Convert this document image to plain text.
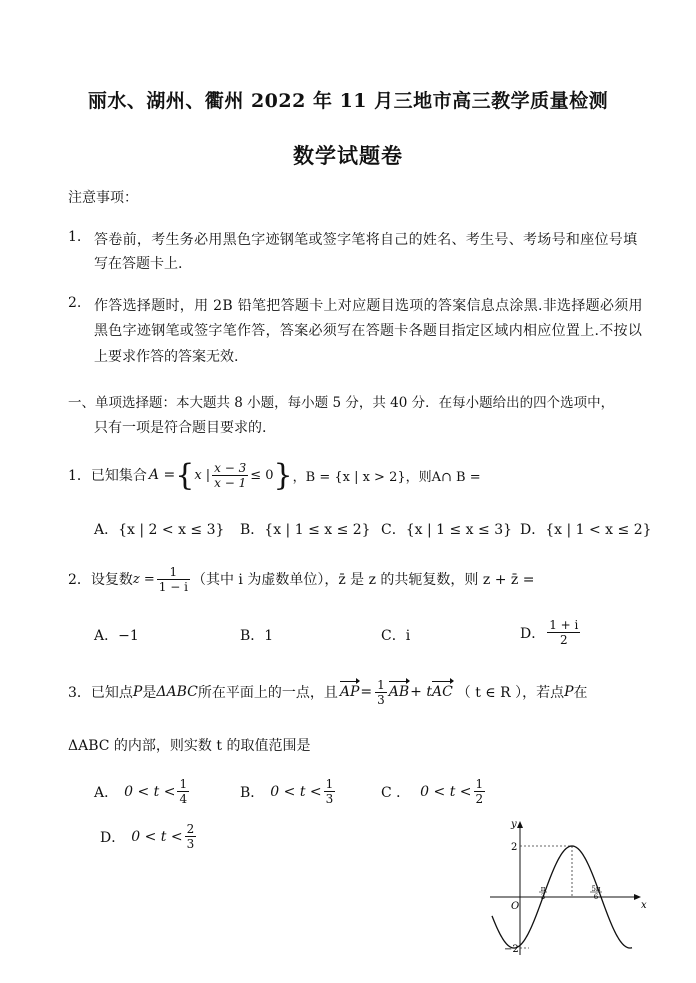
丽水、湖州、衢州 2022 年 11 月三地市高三教学质量检测
数学试题卷
注意事项：
1. 答卷前，考生务必用黑色字迹钢笔或签字笔将自己的姓名、考生号、考场号和座位号填
写在答题卡上.
2. 作答选择题时，用 2B 铅笔把答题卡上对应题目选项的答案信息点涂黑.非选择题必须用
黑色字迹钢笔或签字笔作答，答案必须写在答题卡各题目指定区域内相应位置上.不按以
上要求作答的答案无效.
一、单项选择题：本大题共 8 小题，每小题 5 分，共 40 分．在每小题给出的四个选项中，
只有一项是符合题目要求的.
1．已知集合 A = { x | $\frac{x - 3}{x - 1} \le 0$ } ，B = {x | x > 2}，则A∩ B =
A．{x | 2 < x ≤ 3} B．{x | 1 ≤ x ≤ 2} C．{x | 1 ≤ x ≤ 3} D．{x | 1 < x ≤ 2}
2．设复数 $z = \frac{1}{1 - i}$ （其中 i 为虚数单位），z̄ 是 z 的共轭复数，则 z + z̄ =
A．−1	B．1	C．i	D． $\frac{1 + i}{2}$
3．已知点 P 是 ΔABC 所在平面上的一点，且 AP = $\frac{1}{3}$ AB + t AC （ t ∈ R ），若点 P 在
ΔABC 的内部，则实数 t 的取值范围是
A． $0 < t < \frac{1}{4}$	B． $0 < t < \frac{1}{3}$	C ． $0 < t < \frac{1}{2}$
D． $0 < t < \frac{2}{3}$	y
x
O
2
−2
π
3
5π
6
